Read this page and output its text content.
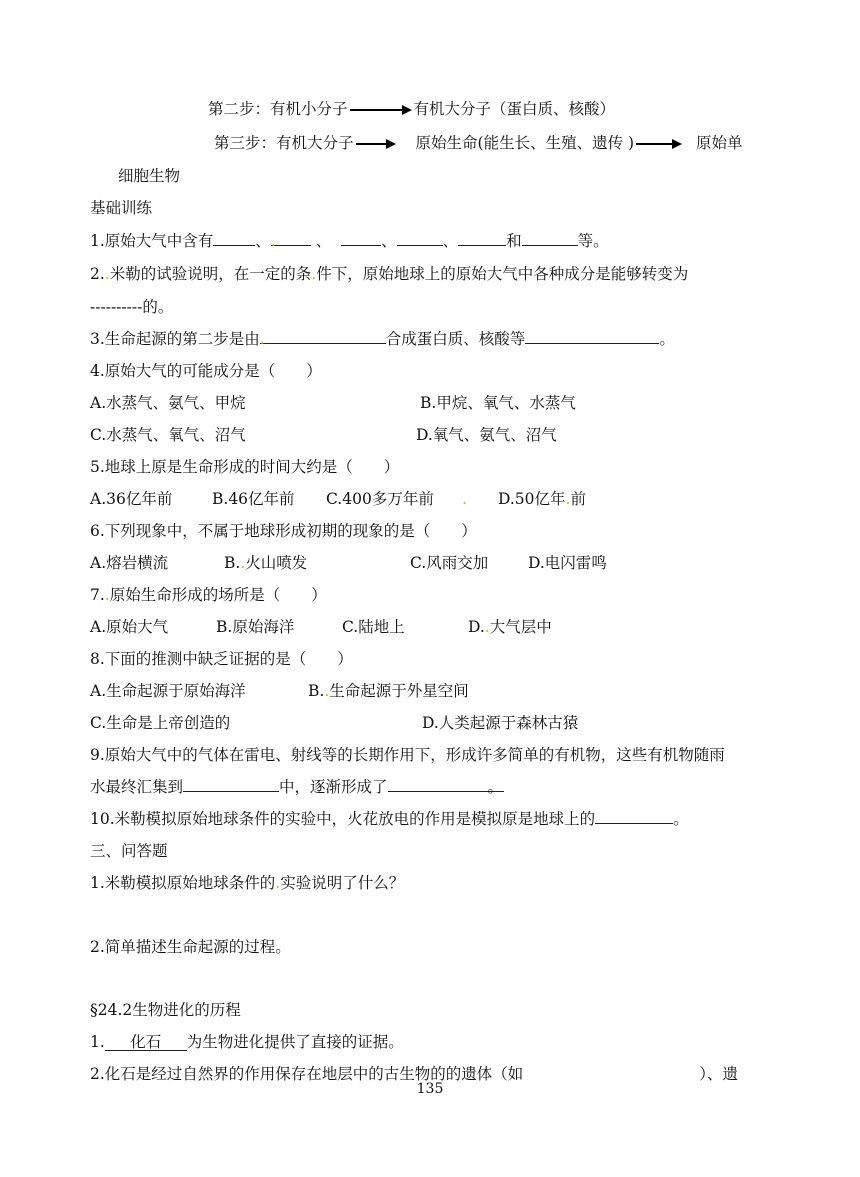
第二步：有机小分子	有机大分子（蛋白质、核酸）
第三步：有机大分子	原始生命(能生长、生殖、遗传 )	原始单
细胞生物
基础训练
1.原始大气中含有	、.	、	、	、	和	等。
2..米勒的试验说明，在一定的条.件下，原始地球上的原始大气中各种成分是能够转变为
----------的。
3.生命起源的第二步是由.	合成蛋白质、核酸等	。
4.原始大气的可能成分是（　　）
A.水蒸气、氨气、甲烷	B.甲烷、氧气、水蒸气
C.水蒸气、氧气、沼气	D.氧气、氨气、沼气
5.地球上原是生命形成的时间大约是（　　）
A.36亿年前	B.46亿年前 C.400多万年前 . D.50亿年.前
6.下列现象中，不属于地球形成初期的现象的是（　　）
A.熔岩横流	B..火山喷发	C.风雨交加	D.电闪雷鸣
7..原始生命形成的场所是（　　）
A.原始大气	B.原始海洋	C.陆地上	D..大气层中
8.下面的推测中缺乏证据的是（　　）
A.生命起源于原始海洋	B..生命起源于外星空间
C.生命是上帝创造的	D.人类起源于森林古猿
9.原始大气中的气体在雷电、射线等的长期作用下，形成许多简单的有机物，这些有机物随雨
水最终汇集到	中，逐渐形成了	。
10.米勒模拟原始地球条件的实验中，火花放电的作用是模拟原是地球上的	。
三、问答题
1.米勒模拟原始地球条件的.实验说明了什么？
2.简单描述生命起源的过程。
§24.2生物进化的历程
1. 化石 为生物进化提供了直接的证据。
2.化石是经过自然界的作用保存在地层中的古生物的的遗体（如	）、遗
135
